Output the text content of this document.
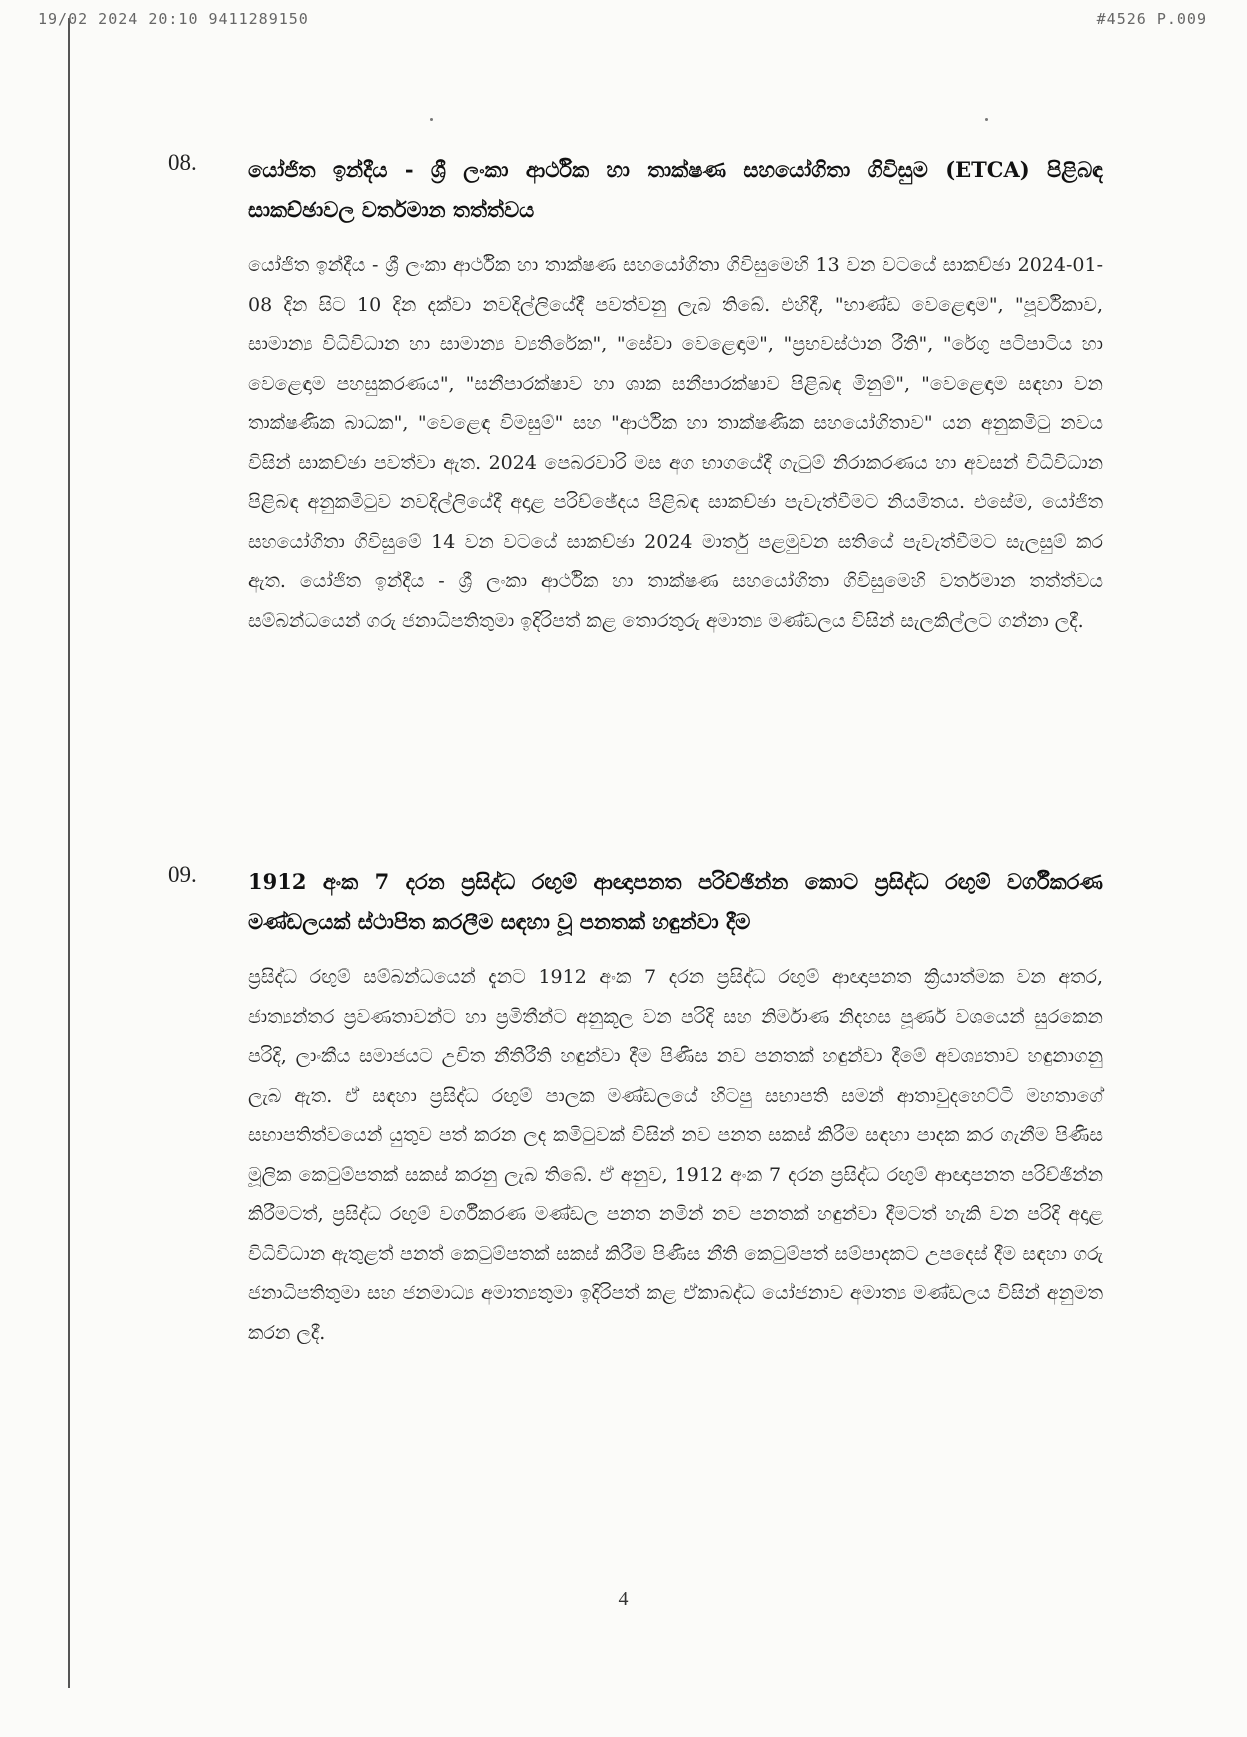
19/02 2024 20:10 9411289150	#4526 P.009
08. යෝජිත ඉන්දීය - ශ්‍රී ලංකා ආර්ථික හා තාක්ෂණ සහයෝගිතා ගිවිසුම (ETCA) පිළිබඳ සාකච්ඡාවල වර්තමාන තත්ත්වය
යෝජිත ඉන්දීය - ශ්‍රී ලංකා ආර්ථික හා තාක්ෂණ සහයෝගිතා ගිවිසුමෙහි 13 වන වටයේ සාකච්ඡා 2024-01-08 දින සිට 10 දින දක්වා නවදිල්ලියේදී පවත්වනු ලැබ තිබේ. එහිදී, "භාණ්ඩ වෙළෙඳාම", "පූර්විකාව, සාමාන්‍ය විධිවිධාන හා සාමාන්‍ය ව්‍යතිරේක", "සේවා වෙළෙඳාම", "ප්‍රභවස්ථාන රීති", "රේගු පටිපාටිය හා වෙළෙඳාම පහසුකරණය", "සනීපාරක්ෂාව හා ශාක සනීපාරක්ෂාව පිළිබඳ මිනුම්", "වෙළෙඳාම සඳහා වන තාක්ෂණික බාධක", "වෙළෙඳ විමසුම්" සහ "ආර්ථික හා තාක්ෂණික සහයෝගිතාව" යන අනුකමිටු නවය විසින් සාකච්ඡා පවත්වා ඇත. 2024 පෙබරවාරි මස අග භාගයේදී ගැටුම් නිරාකරණය හා අවසන් විධිවිධාන පිළිබඳ අනුකමිටුව නවදිල්ලියේදී අදාළ පරිච්ඡේදය පිළිබඳ සාකච්ඡා පැවැත්වීමට නියමිතය. එසේම, යෝජිත සහයෝගිතා ගිවිසුමේ 14 වන වටයේ සාකච්ඡා 2024 මාර්තු පළමුවන සතියේ පැවැත්වීමට සැලසුම් කර ඇත. යෝජිත ඉන්දීය - ශ්‍රී ලංකා ආර්ථික හා තාක්ෂණ සහයෝගිතා ගිවිසුමෙහි වර්තමාන තත්ත්වය සම්බන්ධයෙන් ගරු ජනාධිපතිතුමා ඉදිරිපත් කළ තොරතුරු අමාත්‍ය මණ්ඩලය විසින් සැලකිල්ලට ගන්නා ලදී.
09. 1912 අංක 7 දරන ප්‍රසිද්ධ රඟුම් ආඥාපනත පරිච්ඡින්න කොට ප්‍රසිද්ධ රඟුම් වර්ගීකරණ මණ්ඩලයක් ස්ථාපිත කරලීම සඳහා වූ පනතක් හඳුන්වා දීම
ප්‍රසිද්ධ රඟුම් සම්බන්ධයෙන් දැනට 1912 අංක 7 දරන ප්‍රසිද්ධ රඟුම් ආඥාපනත ක්‍රියාත්මක වන අතර, ජාත්‍යන්තර ප්‍රවණතාවන්ට හා ප්‍රමිතීන්ට අනුකූල වන පරිදි සහ නිර්මාණ නිදහස පූර්ණ වශයෙන් සුරකෙන පරිදි, ලාංකීය සමාජයට උචිත නීතිරීති හඳුන්වා දීම පිණිස නව පනතක් හඳුන්වා දීමේ අවශ්‍යතාව හඳුනාගනු ලැබ ඇත. ඒ සඳහා ප්‍රසිද්ධ රඟුම් පාලක මණ්ඩලයේ හිටපු සභාපති සමන් ආතාවුදහෙට්ටි මහතාගේ සභාපතිත්වයෙන් යුතුව පත් කරන ලද කමිටුවක් විසින් නව පනත සකස් කිරීම සඳහා පාදක කර ගැනීම පිණිස මූලික කෙටුම්පතක් සකස් කරනු ලැබ තිබේ. ඒ අනුව, 1912 අංක 7 දරන ප්‍රසිද්ධ රඟුම් ආඥාපනත පරිච්ඡින්න කිරීමටත්, ප්‍රසිද්ධ රඟුම් වර්ගීකරණ මණ්ඩල පනත නමින් නව පනතක් හඳුන්වා දීමටත් හැකි වන පරිදි අදාළ විධිවිධාන ඇතුළත් පනත් කෙටුම්පතක් සකස් කිරීම පිණිස නීති කෙටුම්පත් සම්පාදකට උපදෙස් දීම සඳහා ගරු ජනාධිපතිතුමා සහ ජනමාධ්‍ය අමාත්‍යතුමා ඉදිරිපත් කළ ඒකාබද්ධ යෝජනාව අමාත්‍ය මණ්ඩලය විසින් අනුමත කරන ලදී.
4
